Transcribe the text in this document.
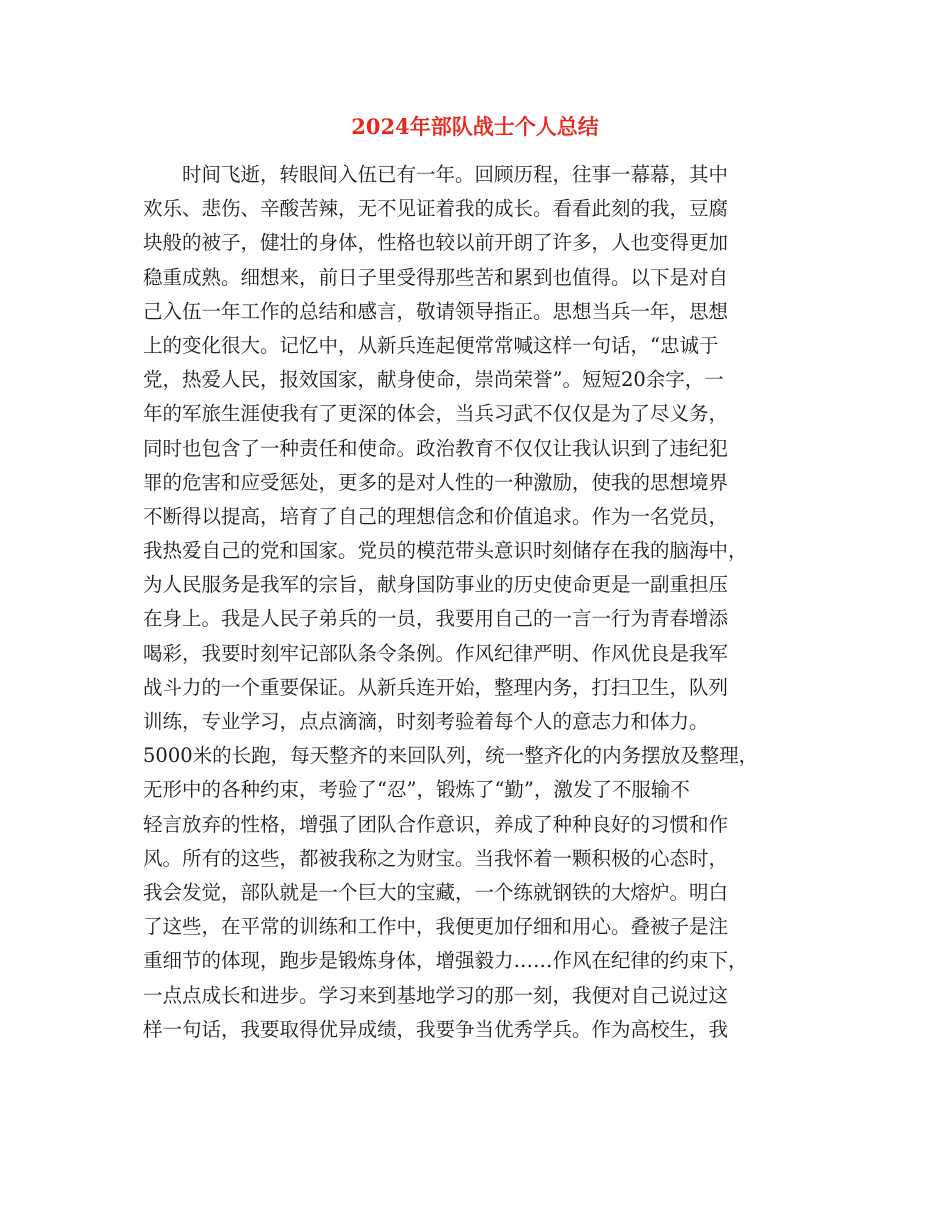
2024年部队战士个人总结
时间飞逝，转眼间入伍已有一年。回顾历程，往事一幕幕，其中
欢乐、悲伤、辛酸苦辣，无不见证着我的成长。看看此刻的我，豆腐
块般的被子，健壮的身体，性格也较以前开朗了许多，人也变得更加
稳重成熟。细想来，前日子里受得那些苦和累到也值得。以下是对自
己入伍一年工作的总结和感言，敬请领导指正。思想当兵一年，思想
上的变化很大。记忆中，从新兵连起便常常喊这样一句话，“忠诚于
党，热爱人民，报效国家，献身使命，崇尚荣誉”。短短20余字，一
年的军旅生涯使我有了更深的体会，当兵习武不仅仅是为了尽义务，
同时也包含了一种责任和使命。政治教育不仅仅让我认识到了违纪犯
罪的危害和应受惩处，更多的是对人性的一种激励，使我的思想境界
不断得以提高，培育了自己的理想信念和价值追求。作为一名党员，
我热爱自己的党和国家。党员的模范带头意识时刻储存在我的脑海中，
为人民服务是我军的宗旨，献身国防事业的历史使命更是一副重担压
在身上。我是人民子弟兵的一员，我要用自己的一言一行为青春增添
喝彩，我要时刻牢记部队条令条例。作风纪律严明、作风优良是我军
战斗力的一个重要保证。从新兵连开始，整理内务，打扫卫生，队列
训练，专业学习，点点滴滴，时刻考验着每个人的意志力和体力。
5000米的长跑，每天整齐的来回队列，统一整齐化的内务摆放及整理，
无形中的各种约束，考验了“忍”，锻炼了“勤”，激发了不服输不
轻言放弃的性格，增强了团队合作意识，养成了种种良好的习惯和作
风。所有的这些，都被我称之为财宝。当我怀着一颗积极的心态时，
我会发觉，部队就是一个巨大的宝藏，一个练就钢铁的大熔炉。明白
了这些，在平常的训练和工作中，我便更加仔细和用心。叠被子是注
重细节的体现，跑步是锻炼身体，增强毅力……作风在纪律的约束下，
一点点成长和进步。学习来到基地学习的那一刻，我便对自己说过这
样一句话，我要取得优异成绩，我要争当优秀学兵。作为高校生，我
